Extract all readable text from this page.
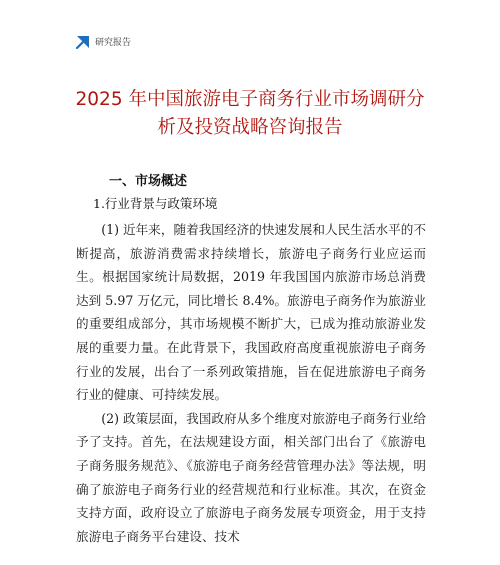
研究报告
2025 年中国旅游电子商务行业市场调研分
析及投资战略咨询报告
一、市场概述
1.行业背景与政策环境

(1) 近年来，随着我国经济的快速发展和人民生活水平的不断提高，旅游消费需求持续增长，旅游电子商务行业应运而生。根据国家统计局数据，2019 年我国国内旅游市场总消费达到 5.97 万亿元，同比增长 8.4%。旅游电子商务作为旅游业的重要组成部分，其市场规模不断扩大，已成为推动旅游业发展的重要力量。在此背景下，我国政府高度重视旅游电子商务行业的发展，出台了一系列政策措施，旨在促进旅游电子商务行业的健康、可持续发展。

(2) 政策层面，我国政府从多个维度对旅游电子商务行业给予了支持。首先，在法规建设方面，相关部门出台了《旅游电子商务服务规范》、《旅游电子商务经营管理办法》等法规，明确了旅游电子商务行业的经营规范和行业标准。其次，在资金支持方面，政府设立了旅游电子商务发展专项资金，用于支持旅游电子商务平台建设、技术
